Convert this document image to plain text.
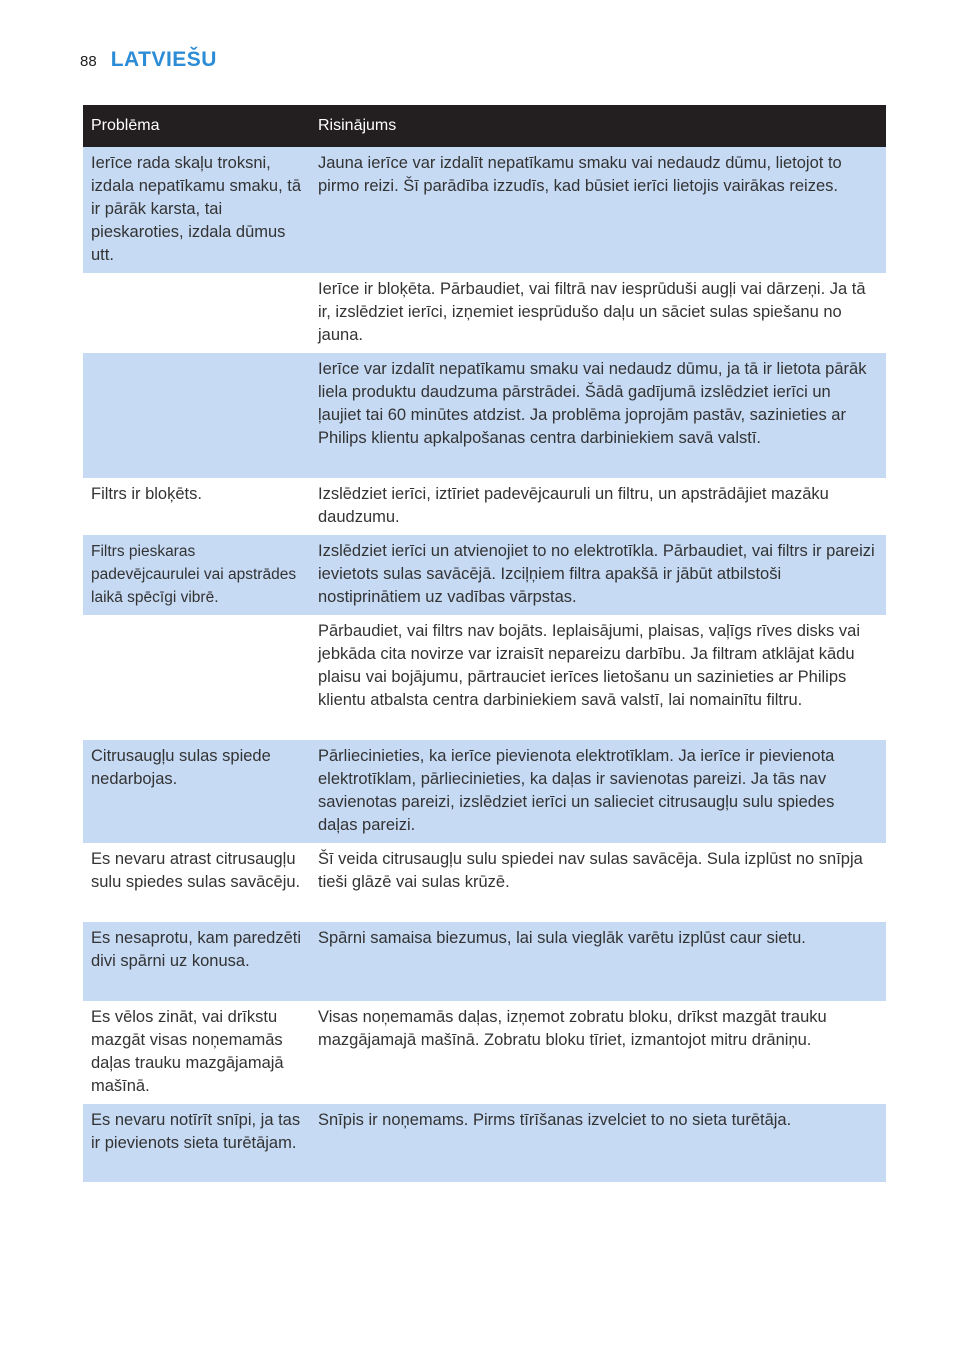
88 LATVIEŠU
Problēma	Risinājums
Ierīce rada skaļu troksni, izdala nepatīkamu smaku, tā ir pārāk karsta, tai pieskaroties, izdala dūmus utt.	Jauna ierīce var izdalīt nepatīkamu smaku vai nedaudz dūmu, lietojot to pirmo reizi. Šī parādība izzudīs, kad būsiet ierīci lietojis vairākas reizes.
	Ierīce ir bloķēta. Pārbaudiet, vai filtrā nav iesprūduši augļi vai dārzeņi. Ja tā ir, izslēdziet ierīci, izņemiet iesprūdušo daļu un sāciet sulas spiešanu no jauna.
	Ierīce var izdalīt nepatīkamu smaku vai nedaudz dūmu, ja tā ir lietota pārāk liela produktu daudzuma pārstrādei. Šādā gadījumā izslēdziet ierīci un ļaujiet tai 60 minūtes atdzist. Ja problēma joprojām pastāv, sazinieties ar Philips klientu apkalpošanas centra darbiniekiem savā valstī.
Filtrs ir bloķēts.	Izslēdziet ierīci, iztīriet padevējcauruli un filtru, un apstrādājiet mazāku daudzumu.
Filtrs pieskaras padevējcaurulei vai apstrādes laikā spēcīgi vibrē.	Izslēdziet ierīci un atvienojiet to no elektrotīkla. Pārbaudiet, vai filtrs ir pareizi ievietots sulas savācējā. Izciļņiem filtra apakšā ir jābūt atbilstoši nostiprinātiem uz vadības vārpstas.
	Pārbaudiet, vai filtrs nav bojāts. Ieplaisājumi, plaisas, vaļīgs rīves disks vai jebkāda cita novirze var izraisīt nepareizu darbību. Ja filtram atklājat kādu plaisu vai bojājumu, pārtrauciet ierīces lietošanu un sazinieties ar Philips klientu atbalsta centra darbiniekiem savā valstī, lai nomainītu filtru.
Citrusaugļu sulas spiede nedarbojas.	Pārliecinieties, ka ierīce pievienota elektrotīklam. Ja ierīce ir pievienota elektrotīklam, pārliecinieties, ka daļas ir savienotas pareizi. Ja tās nav savienotas pareizi, izslēdziet ierīci un salieciet citrusaugļu sulu spiedes daļas pareizi.
Es nevaru atrast citrusaugļu sulu spiedes sulas savācēju.	Šī veida citrusaugļu sulu spiedei nav sulas savācēja. Sula izplūst no snīpja tieši glāzē vai sulas krūzē.
Es nesaprotu, kam paredzēti divi spārni uz konusa.	Spārni samaisa biezumus, lai sula vieglāk varētu izplūst caur sietu.
Es vēlos zināt, vai drīkstu mazgāt visas noņemamās daļas trauku mazgājamajā mašīnā.	Visas noņemamās daļas, izņemot zobratu bloku, drīkst mazgāt trauku mazgājamajā mašīnā. Zobratu bloku tīriet, izmantojot mitru drāniņu.
Es nevaru notīrīt snīpi, ja tas ir pievienots sieta turētājam.	Snīpis ir noņemams. Pirms tīrīšanas izvelciet to no sieta turētāja.
